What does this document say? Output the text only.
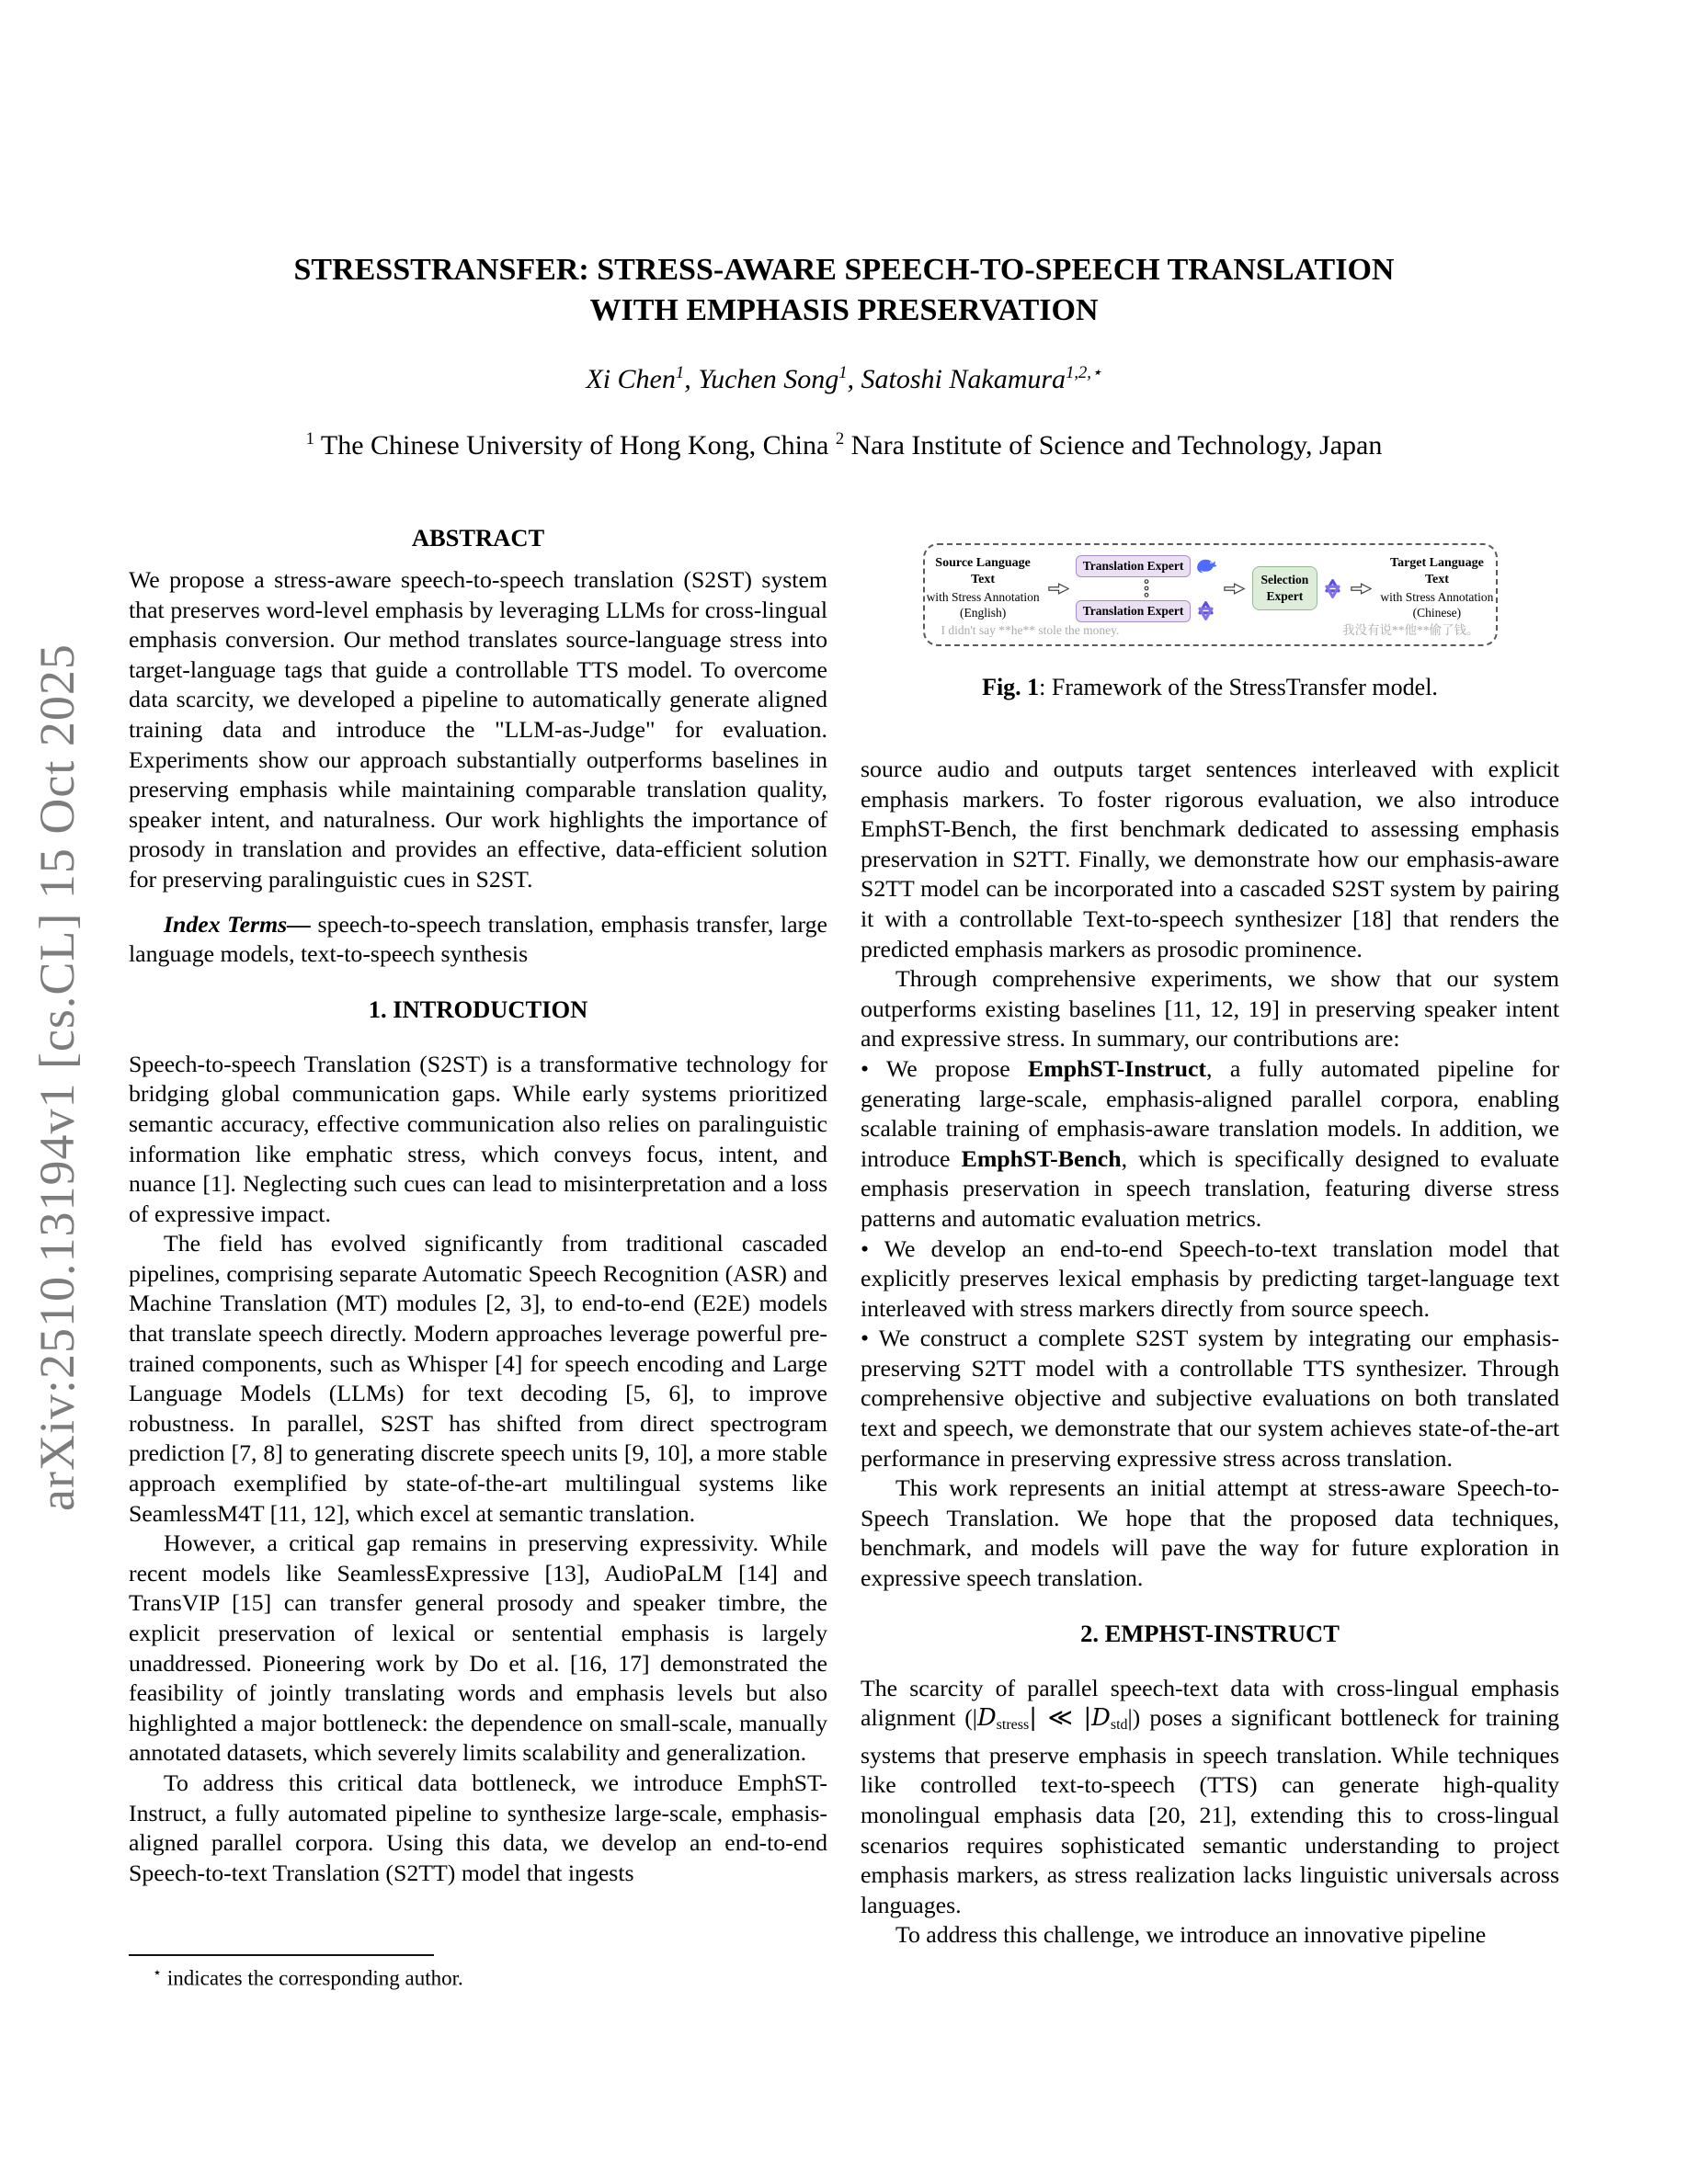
arXiv:2510.13194v1 [cs.CL] 15 Oct 2025
STRESSTRANSFER: STRESS-AWARE SPEECH-TO-SPEECH TRANSLATION
WITH EMPHASIS PRESERVATION
Xi Chen$^1$, Yuchen Song$^1$, Satoshi Nakamura$^{1,2,⋆}$
$^1$ The Chinese University of Hong Kong, China $^2$ Nara Institute of Science and Technology, Japan
ABSTRACT

We propose a stress-aware speech-to-speech translation (S2ST) system that preserves word-level emphasis by leveraging LLMs for cross-lingual emphasis conversion. Our method translates source-language stress into target-language tags that guide a controllable TTS model. To overcome data scarcity, we developed a pipeline to automatically generate aligned training data and introduce the "LLM-as-Judge" for evaluation. Experiments show our approach substantially outperforms baselines in preserving emphasis while maintaining comparable translation quality, speaker intent, and naturalness. Our work highlights the importance of prosody in translation and provides an effective, data-efficient solution for preserving paralinguistic cues in S2ST.

Index Terms— speech-to-speech translation, emphasis transfer, large language models, text-to-speech synthesis

1. INTRODUCTION

Speech-to-speech Translation (S2ST) is a transformative technology for bridging global communication gaps. While early systems prioritized semantic accuracy, effective communication also relies on paralinguistic information like emphatic stress, which conveys focus, intent, and nuance [1]. Neglecting such cues can lead to misinterpretation and a loss of expressive impact.

The field has evolved significantly from traditional cascaded pipelines, comprising separate Automatic Speech Recognition (ASR) and Machine Translation (MT) modules [2, 3], to end-to-end (E2E) models that translate speech directly. Modern approaches leverage powerful pre-trained components, such as Whisper [4] for speech encoding and Large Language Models (LLMs) for text decoding [5, 6], to improve robustness. In parallel, S2ST has shifted from direct spectrogram prediction [7, 8] to generating discrete speech units [9, 10], a more stable approach exemplified by state-of-the-art multilingual systems like SeamlessM4T [11, 12], which excel at semantic translation.

However, a critical gap remains in preserving expressivity. While recent models like SeamlessExpressive [13], AudioPaLM [14] and TransVIP [15] can transfer general prosody and speaker timbre, the explicit preservation of lexical or sentential emphasis is largely unaddressed. Pioneering work by Do et al. [16, 17] demonstrated the feasibility of jointly translating words and emphasis levels but also highlighted a major bottleneck: the dependence on small-scale, manually annotated datasets, which severely limits scalability and generalization.

To address this critical data bottleneck, we introduce EmphST-Instruct, a fully automated pipeline to synthesize large-scale, emphasis-aligned parallel corpora. Using this data, we develop an end-to-end Speech-to-text Translation (S2TT) model that ingests

Source Language Text
with Stress Annotation
(English)
Translation Expert
Translation Expert
Selection
Expert
Target Language Text
with Stress Annotation
(Chinese)
I didn't say **he** stole the money.	我没有说**他**偷了钱。
Fig. 1: Framework of the StressTransfer model.

source audio and outputs target sentences interleaved with explicit emphasis markers. To foster rigorous evaluation, we also introduce EmphST-Bench, the first benchmark dedicated to assessing emphasis preservation in S2TT. Finally, we demonstrate how our emphasis-aware S2TT model can be incorporated into a cascaded S2ST system by pairing it with a controllable Text-to-speech synthesizer [18] that renders the predicted emphasis markers as prosodic prominence.

Through comprehensive experiments, we show that our system outperforms existing baselines [11, 12, 19] in preserving speaker intent and expressive stress. In summary, our contributions are:

• We propose EmphST-Instruct, a fully automated pipeline for generating large-scale, emphasis-aligned parallel corpora, enabling scalable training of emphasis-aware translation models. In addition, we introduce EmphST-Bench, which is specifically designed to evaluate emphasis preservation in speech translation, featuring diverse stress patterns and automatic evaluation metrics.

• We develop an end-to-end Speech-to-text translation model that explicitly preserves lexical emphasis by predicting target-language text interleaved with stress markers directly from source speech.

• We construct a complete S2ST system by integrating our emphasis-preserving S2TT model with a controllable TTS synthesizer. Through comprehensive objective and subjective evaluations on both translated text and speech, we demonstrate that our system achieves state-of-the-art performance in preserving expressive stress across translation.

This work represents an initial attempt at stress-aware Speech-to-Speech Translation. We hope that the proposed data techniques, benchmark, and models will pave the way for future exploration in expressive speech translation.

2. EMPHST-INSTRUCT

The scarcity of parallel speech-text data with cross-lingual emphasis alignment (|Dstress| ≪ |Dstd|) poses a significant bottleneck for training systems that preserve emphasis in speech translation. While techniques like controlled text-to-speech (TTS) can generate high-quality monolingual emphasis data [20, 21], extending this to cross-lingual scenarios requires sophisticated semantic understanding to project emphasis markers, as stress realization lacks linguistic universals across languages.

To address this challenge, we introduce an innovative pipeline

⋆ indicates the corresponding author.
